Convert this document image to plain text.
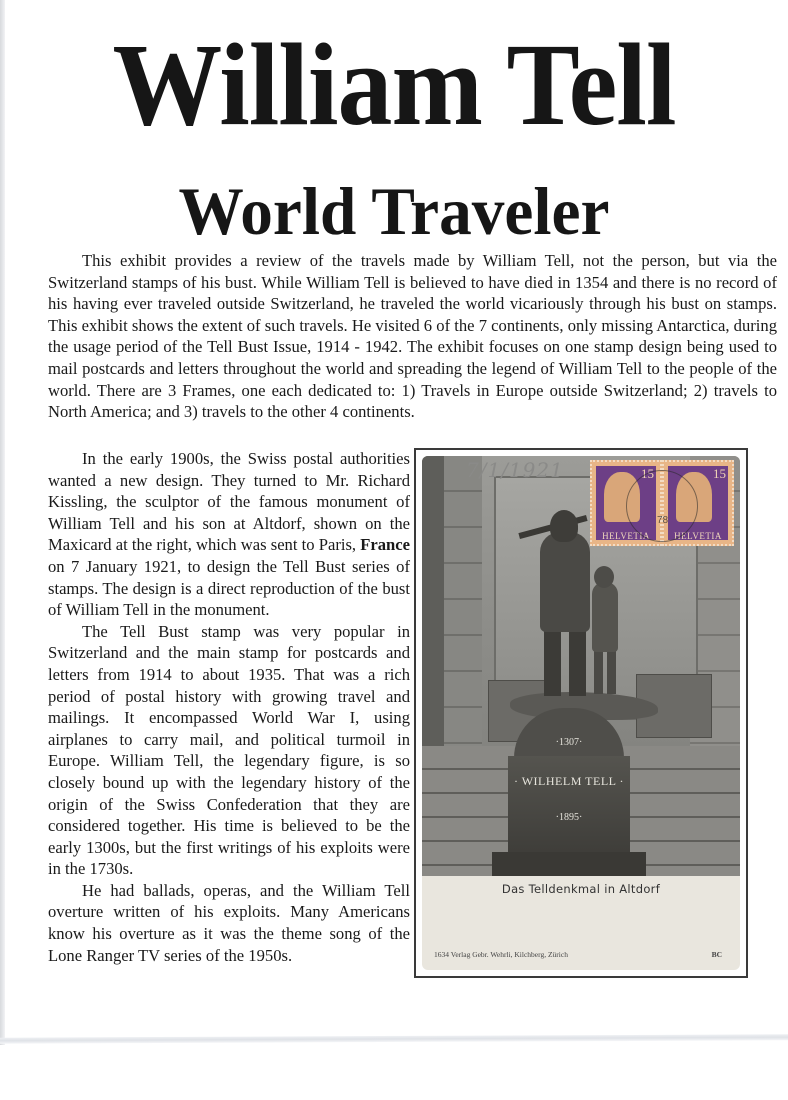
William Tell
World Traveler

This exhibit provides a review of the travels made by William Tell, not the person, but via the Switzerland stamps of his bust. While William Tell is believed to have died in 1354 and there is no record of his having ever traveled outside Switzerland, he traveled the world vicariously through his bust on stamps. This exhibit shows the extent of such travels. He visited 6 of the 7 continents, only missing Antarctica, during the usage period of the Tell Bust Issue, 1914 - 1942. The exhibit focuses on one stamp design being used to mail postcards and letters throughout the world and spreading the legend of William Tell to the people of the world. There are 3 Frames, one each dedicated to: 1) Travels in Europe outside Switzerland; 2) travels to North America; and 3) travels to the other 4 continents.

In the early 1900s, the Swiss postal authorities wanted a new design. They turned to Mr. Richard Kissling, the sculptor of the famous monument of William Tell and his son at Altdorf, shown on the Maxicard at the right, which was sent to Paris, France on 7 January 1921, to design the Tell Bust series of stamps. The design is a direct reproduction of the bust of William Tell in the monument.

The Tell Bust stamp was very popular in Switzerland and the main stamp for postcards and letters from 1914 to about 1935. That was a rich period of postal history with growing travel and mailings. It encompassed World War I, using airplanes to carry mail, and political turmoil in Europe. William Tell, the legendary figure, is so closely bound up with the legendary history of the origin of the Swiss Confederation that they are considered together. His time is believed to be the early 1300s, but the first writings of his exploits were in the 1730s.

He had ballads, operas, and the William Tell overture written of his exploits. Many Americans know his overture as it was the theme song of the Lone Ranger TV series of the 1950s.

·1307·
· WILHELM TELL ·
·1895·
7/1/1921	15
HELVETIA
15
HELVETIA
78
Das Telldenkmal in Altdorf
1634 Verlag Gebr. Wehrli, Kilchberg, Zürich	BC
